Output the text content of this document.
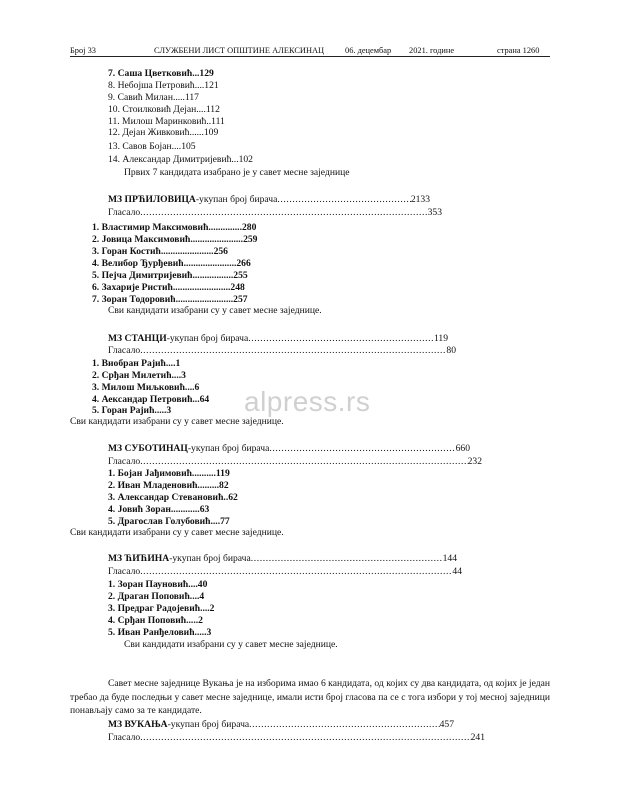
Број 33	СЛУЖБЕНИ ЛИСТ ОПШТИНЕ АЛЕКСИНАЦ 06. децембар 2021. године	страна 1260
7. Саша Цветковић...129
8. Небојша Петровић....121
9. Савић Милан.....117
10. Стоилковић Дејан....112
11. Милош Маринковић..111
12. Дејан Живковић......109
13. Савов Бојан....105
14. Александар Димитријевић...102
Првих 7 кандидата изабрано је у савет месне заједнице
МЗ ПРЋИЛОВИЦА -укупан број бирача .....	2133
Гласало .....	353
1. Властимир Максимовић..............280
2. Јовица Максимовић......................259
3. Горан Костић......................256
4. Велибор Ђурђевић......................266
5. Пејча Димитријевић.................255
6. Захарије Ристић........................248
7. Зоран Тодоровић........................257
Сви кандидати изабрани су у савет месне заједнице.
МЗ СТАНЦИ -укупан број бирача .....	119
Гласало .....	80
1. Виобран Рајић....1
2. Срђан Милетић....3
3. Милош Миљковић....6
4. Аександар Петровић...64
5. Горан Рајић.....3
Сви кандидати изабрани су у савет месне заједнице.
МЗ СУБОТИНАЦ -укупан број бирача .....	660
Гласало .....	232
1. Бојан Јађимовић..........119
2. Иван Младеновић.........82
3. Александар Стевановић..62
4. Јовић Зоран............63
5. Драгослав Голубовић....77
Сви кандидати изабрани су у савет месне заједнице.
МЗ ЋИЋИНА -укупан број бирача .....	144
Гласало .....	44
1. Зоран Пауновић....40
2. Драган Поповић....4
3. Предраг Радојевић....2
4. Срђан Поповић.....2
5. Иван Ранђеловић.....3
Сви кандидати изабрани су у савет месне заједнице.
Савет месне заједнице Вукања је на изборима имао 6 кандидата, од којих су два кандидата, од којих је један требао да буде последњи у савет месне заједнице, имали исти број гласова па се с тога избори у тој месној заједници понављају само за те кандидате.
МЗ ВУКАЊА -укупан број бирача .....	457
Гласало .....	241
alpress.rs
